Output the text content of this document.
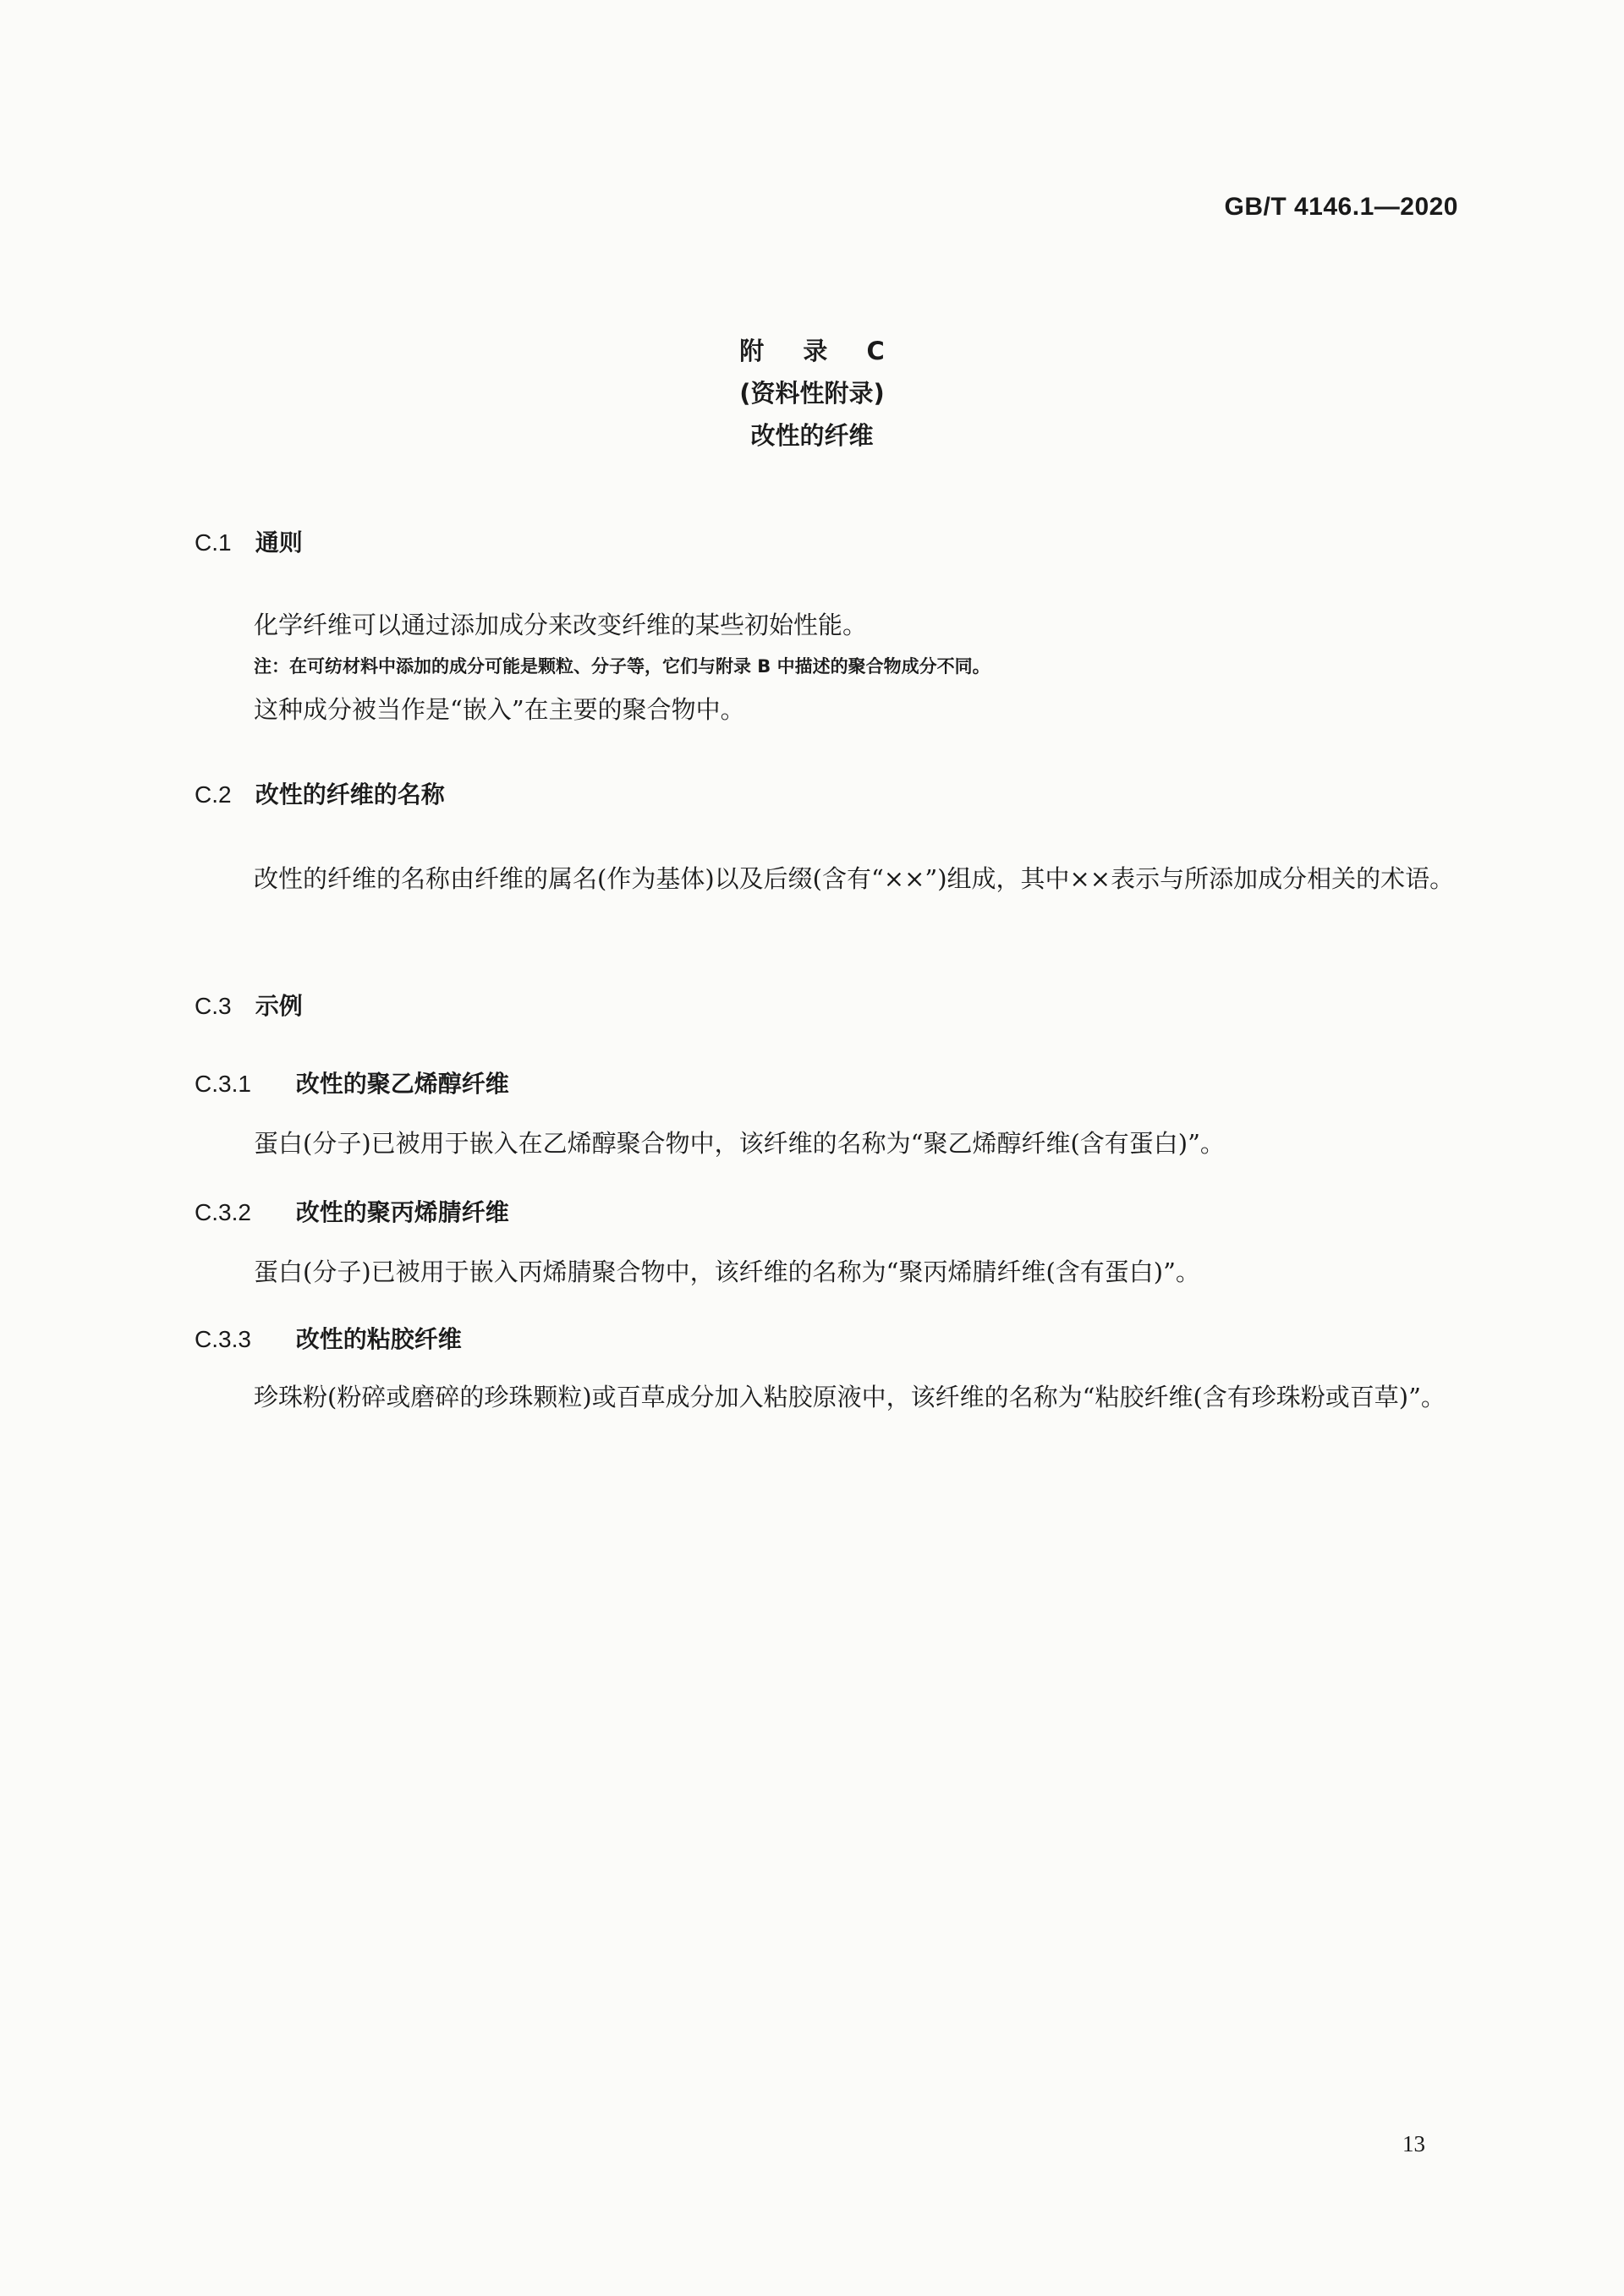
GB/T 4146.1—2020
附 录 C
(资料性附录)
改性的纤维
C.1 通则
化学纤维可以通过添加成分来改变纤维的某些初始性能。
注：在可纺材料中添加的成分可能是颗粒、分子等，它们与附录 B 中描述的聚合物成分不同。
这种成分被当作是“嵌入”在主要的聚合物中。
C.2 改性的纤维的名称
改性的纤维的名称由纤维的属名(作为基体)以及后缀(含有“××”)组成，其中××表示与所添加成分相关的术语。
C.3 示例
C.3.1 改性的聚乙烯醇纤维
蛋白(分子)已被用于嵌入在乙烯醇聚合物中，该纤维的名称为“聚乙烯醇纤维(含有蛋白)”。
C.3.2 改性的聚丙烯腈纤维
蛋白(分子)已被用于嵌入丙烯腈聚合物中，该纤维的名称为“聚丙烯腈纤维(含有蛋白)”。
C.3.3 改性的粘胶纤维
珍珠粉(粉碎或磨碎的珍珠颗粒)或百草成分加入粘胶原液中，该纤维的名称为“粘胶纤维(含有珍珠粉或百草)”。
13
